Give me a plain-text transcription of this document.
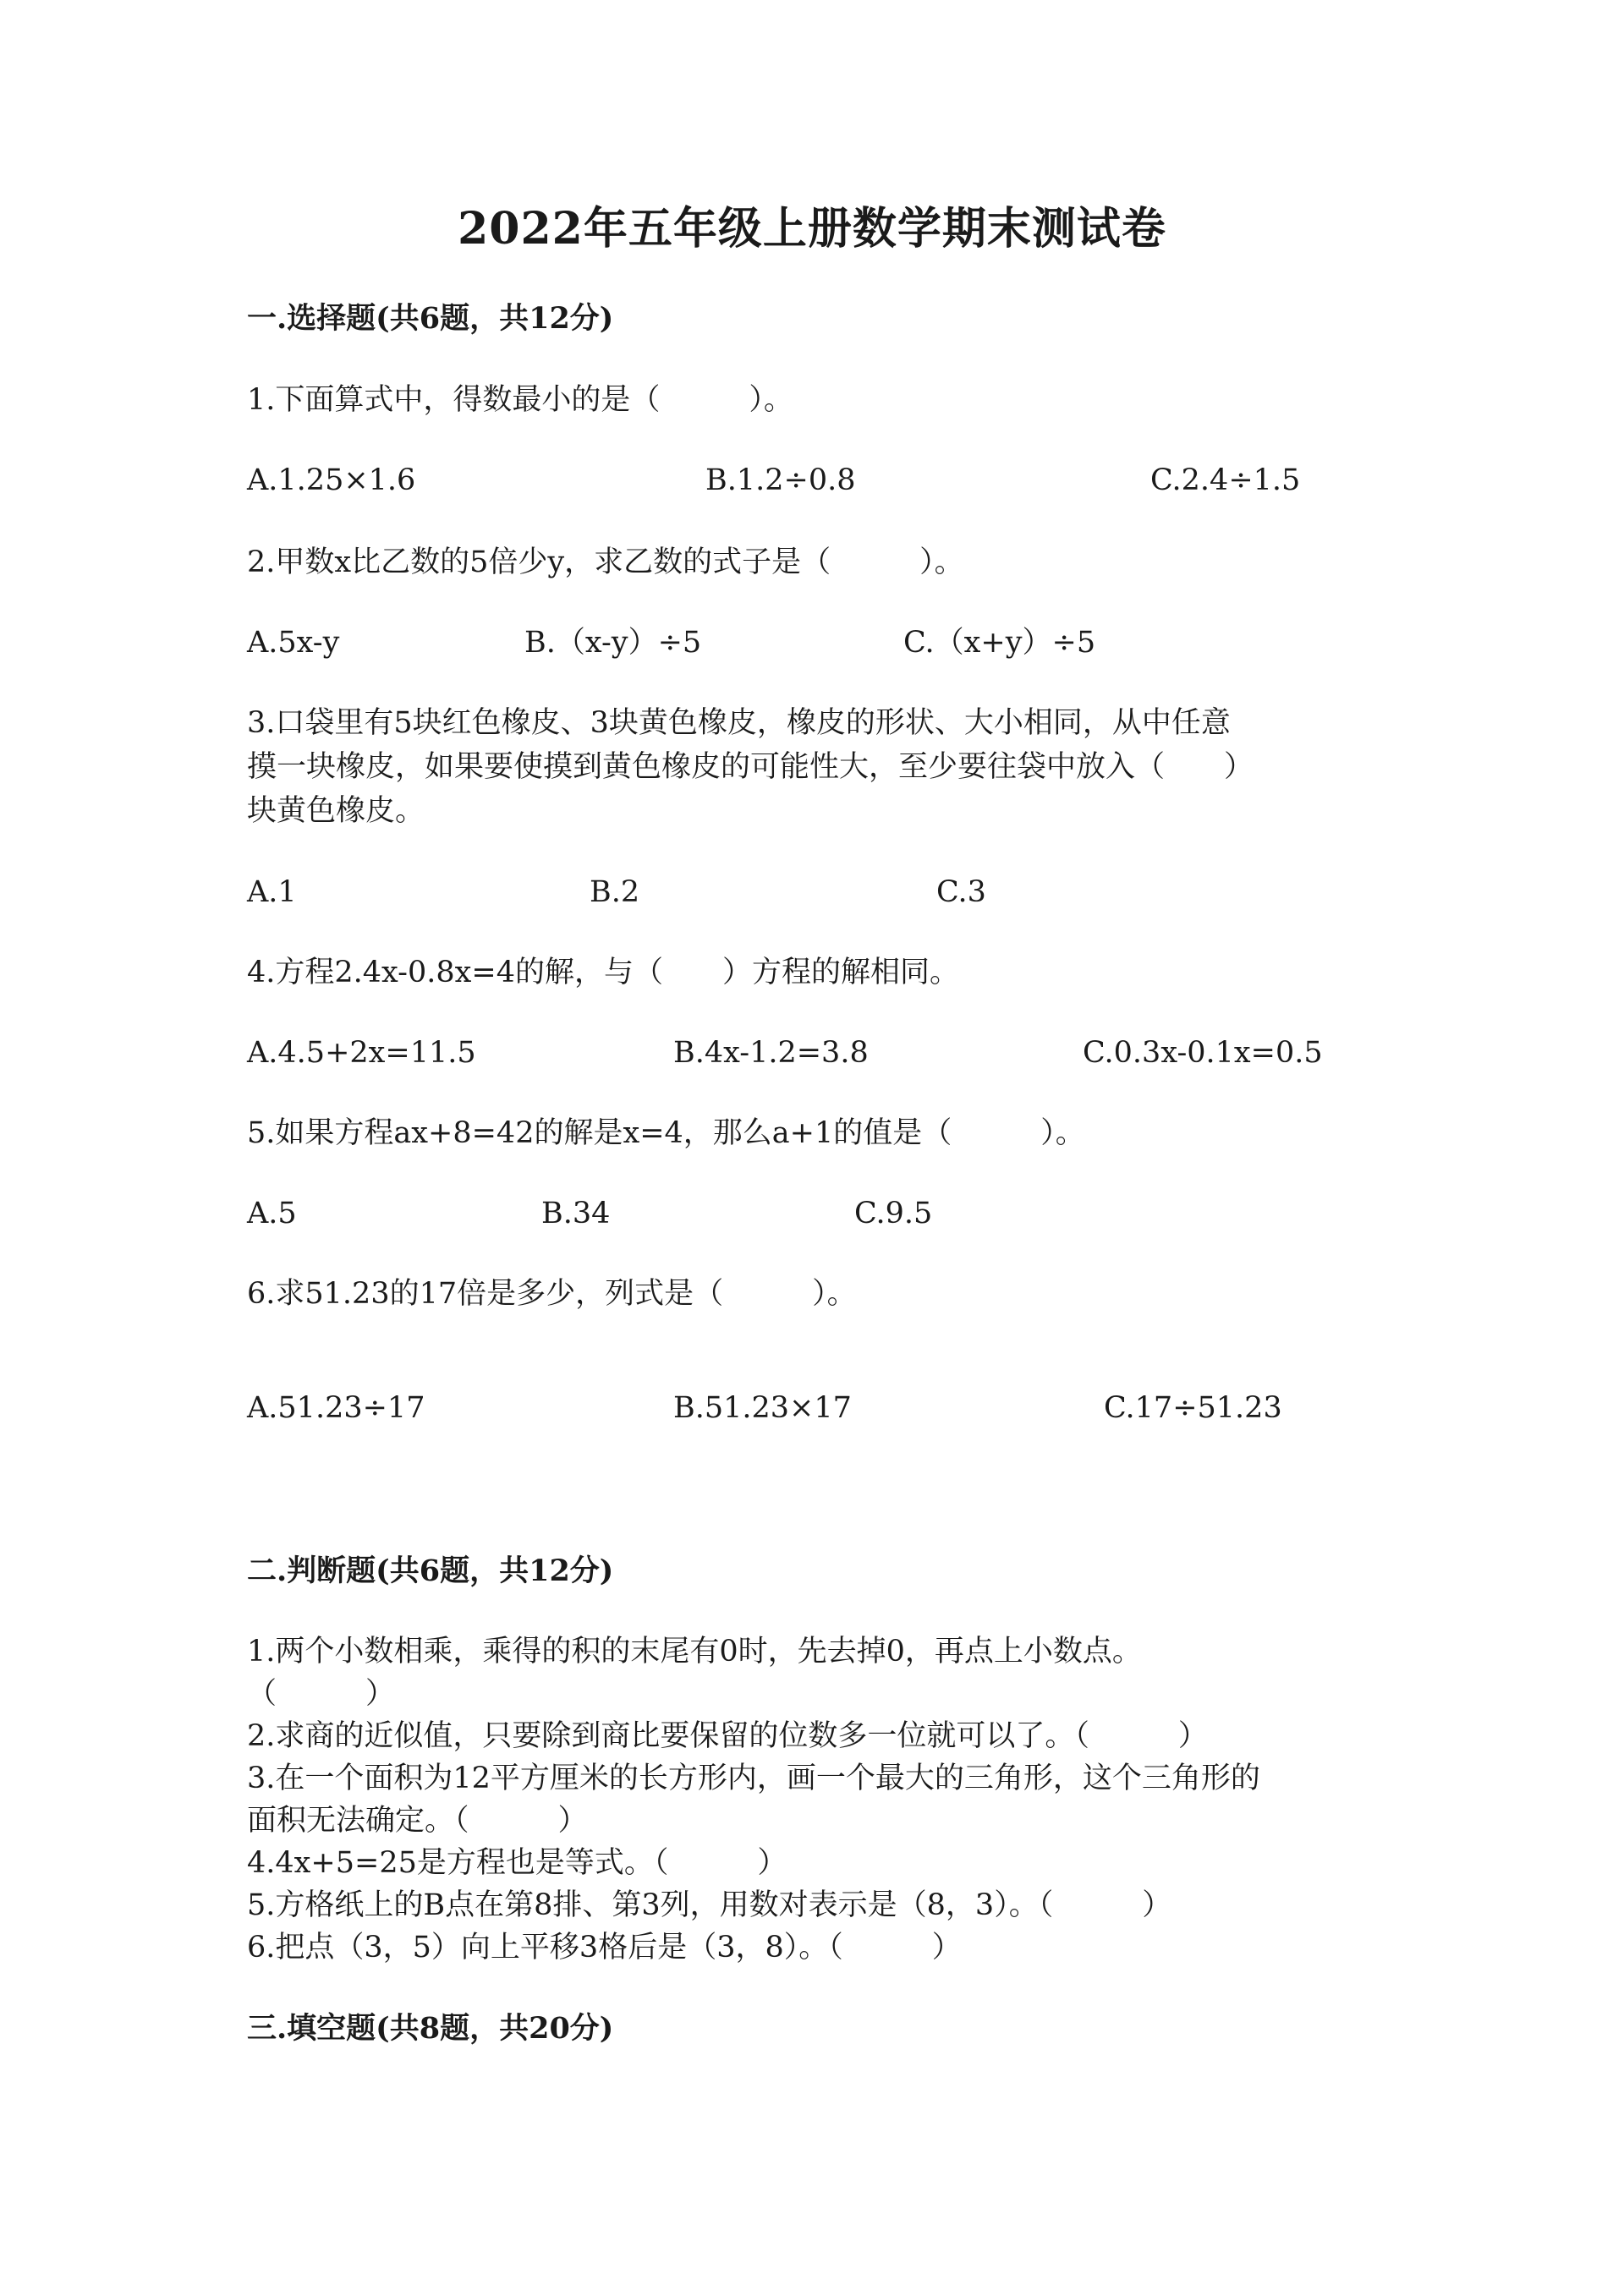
2022年五年级上册数学期末测试卷
一.选择题(共6题，共12分)
1.下面算式中，得数最小的是（　　　）。
A.1.25×1.6	B.1.2÷0.8	C.2.4÷1.5
2.甲数x比乙数的5倍少y，求乙数的式子是（　　　）。
A.5x-y	B.（x-y）÷5	C.（x+y）÷5
3.口袋里有5块红色橡皮、3块黄色橡皮，橡皮的形状、大小相同，从中任意
摸一块橡皮，如果要使摸到黄色橡皮的可能性大，至少要往袋中放入（　　）
块黄色橡皮。
A.1	B.2	C.3
4.方程2.4x-0.8x=4的解，与（　　）方程的解相同。
A.4.5+2x=11.5	B.4x-1.2=3.8	C.0.3x-0.1x=0.5
5.如果方程ax+8=42的解是x=4，那么a+1的值是（　　　）。
A.5	B.34	C.9.5
6.求51.23的17倍是多少，列式是（　　　）。
A.51.23÷17	B.51.23×17	C.17÷51.23
二.判断题(共6题，共12分)
1.两个小数相乘，乘得的积的末尾有0时，先去掉0，再点上小数点。
（　　　）
2.求商的近似值，只要除到商比要保留的位数多一位就可以了。（　　　）
3.在一个面积为12平方厘米的长方形内，画一个最大的三角形，这个三角形的
面积无法确定。（　　　）
4.4x+5=25是方程也是等式。（　　　）
5.方格纸上的B点在第8排、第3列，用数对表示是（8，3）。（　　　）
6.把点（3，5）向上平移3格后是（3，8）。（　　　）
三.填空题(共8题，共20分)
